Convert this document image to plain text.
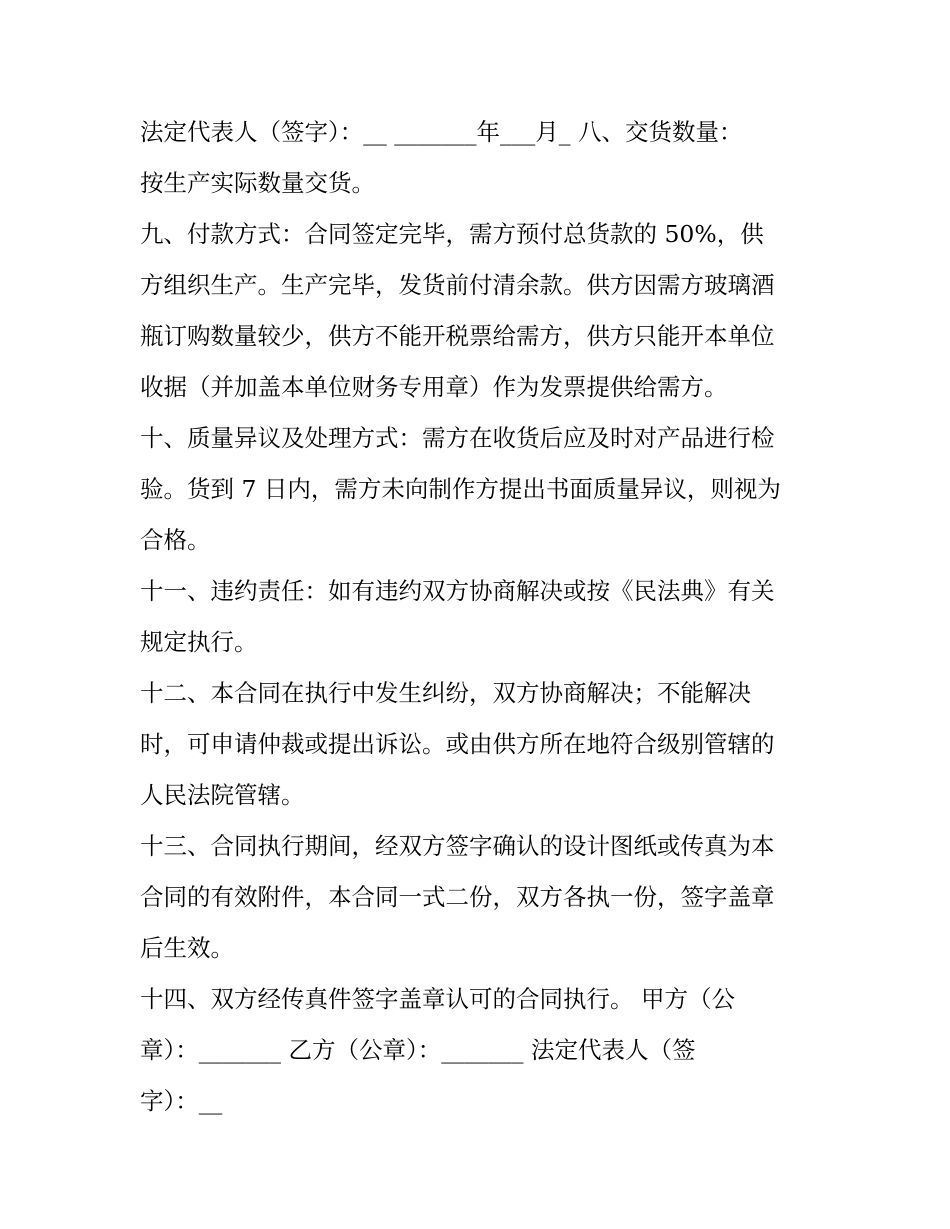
法定代表人（签字）：__ _______年___月_ 八、交货数量：
按生产实际数量交货。
九、付款方式：合同签定完毕，需方预付总货款的 50%，供
方组织生产。生产完毕，发货前付清余款。供方因需方玻璃酒
瓶订购数量较少，供方不能开税票给需方，供方只能开本单位
收据（并加盖本单位财务专用章）作为发票提供给需方。
十、质量异议及处理方式：需方在收货后应及时对产品进行检
验。货到 7 日内，需方未向制作方提出书面质量异议，则视为
合格。
十一、违约责任：如有违约双方协商解决或按《民法典》有关
规定执行。
十二、本合同在执行中发生纠纷，双方协商解决；不能解决
时，可申请仲裁或提出诉讼。或由供方所在地符合级别管辖的
人民法院管辖。
十三、合同执行期间，经双方签字确认的设计图纸或传真为本
合同的有效附件，本合同一式二份，双方各执一份，签字盖章
后生效。
十四、双方经传真件签字盖章认可的合同执行。 甲方（公
章）：_______ 乙方（公章）：_______ 法定代表人（签
字）：__
